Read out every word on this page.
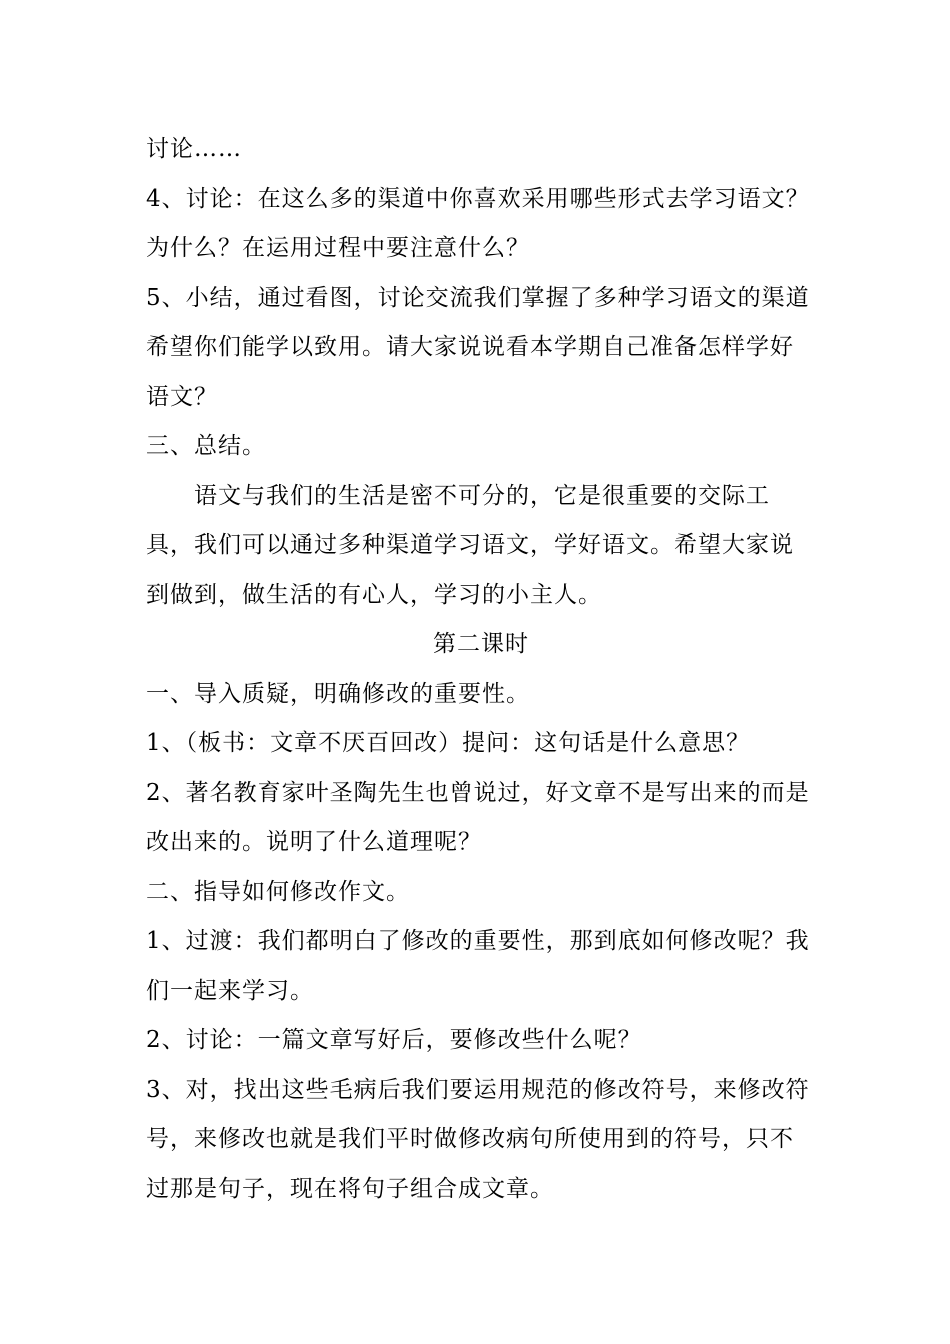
讨论……

4、讨论：在这么多的渠道中你喜欢采用哪些形式去学习语文？为什么？在运用过程中要注意什么？

5、小结，通过看图，讨论交流我们掌握了多种学习语文的渠道希望你们能学以致用。请大家说说看本学期自己准备怎样学好语文？

三、总结。

语文与我们的生活是密不可分的，它是很重要的交际工具，我们可以通过多种渠道学习语文，学好语文。希望大家说到做到，做生活的有心人，学习的小主人。

第二课时

一、导入质疑，明确修改的重要性。

1、（板书：文章不厌百回改）提问：这句话是什么意思？

2、著名教育家叶圣陶先生也曾说过，好文章不是写出来的而是改出来的。说明了什么道理呢？

二、指导如何修改作文。

1、过渡：我们都明白了修改的重要性，那到底如何修改呢？我们一起来学习。

2、讨论：一篇文章写好后，要修改些什么呢？

3、对，找出这些毛病后我们要运用规范的修改符号，来修改符号，来修改也就是我们平时做修改病句所使用到的符号，只不过那是句子，现在将句子组合成文章。
